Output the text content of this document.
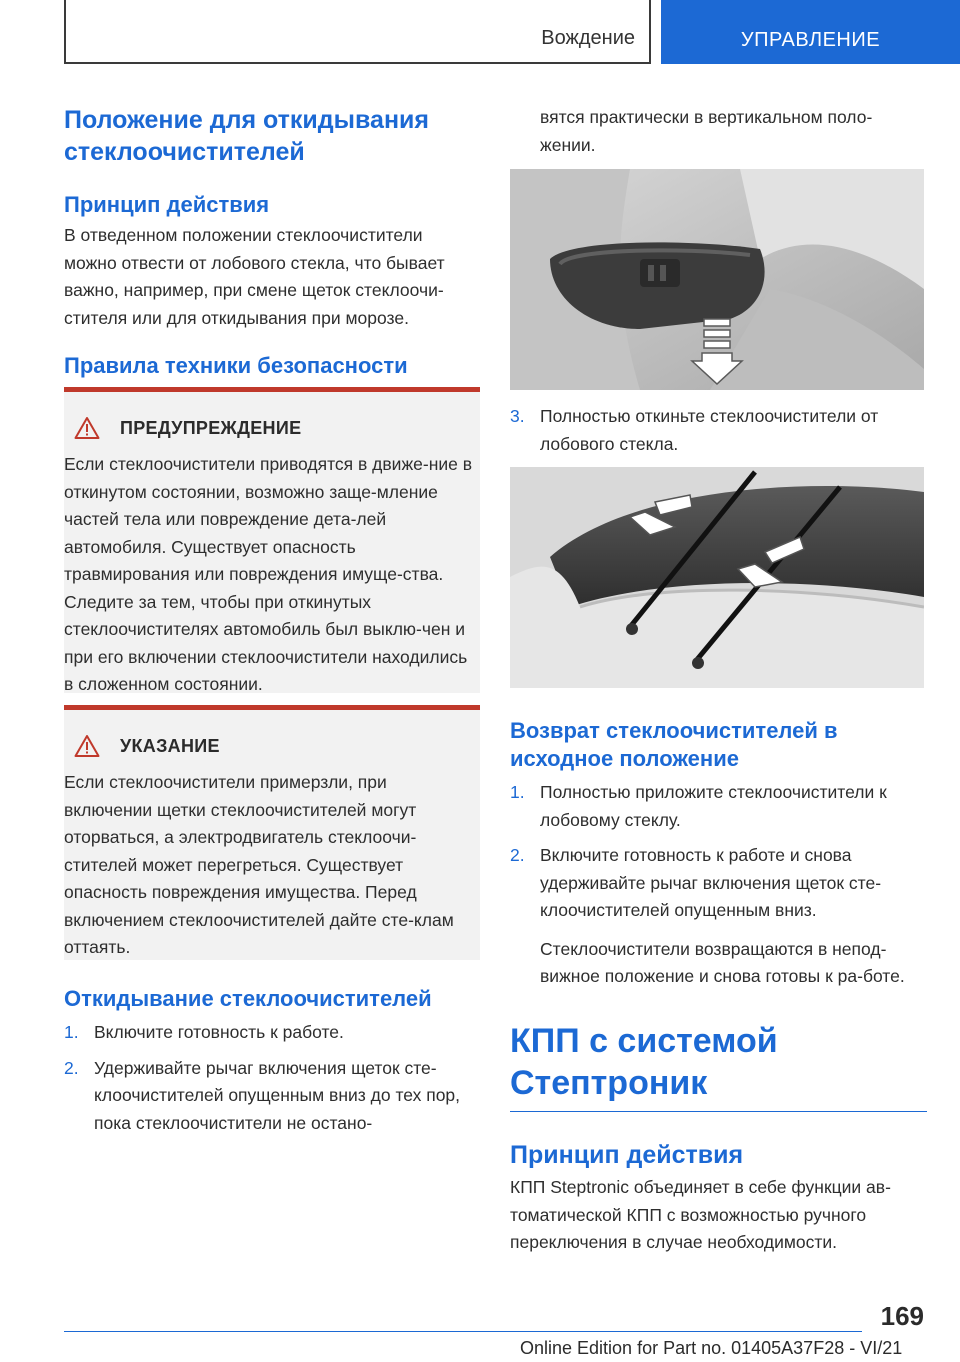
Вождение	УПРАВЛЕНИЕ
Положение для откидывания стеклоочистителей
Принцип действия

В отведенном положении стеклоочистители можно отвести от лобового стекла, что бывает важно, например, при смене щеток стеклоочи-стителя или для откидывания при морозе.

Правила техники безопасности
ПРЕДУПРЕЖДЕНИЕ

Если стеклоочистители приводятся в движе-ние в откинутом состоянии, возможно заще-мление частей тела или повреждение дета-лей автомобиля. Существует опасность травмирования или повреждения имуще-ства. Следите за тем, чтобы при откинутых стеклоочистителях автомобиль был выклю-чен и при его включении стеклоочистители находились в сложенном состоянии.

УКАЗАНИЕ

Если стеклоочистители примерзли, при включении щетки стеклоочистителей могут оторваться, а электродвигатель стеклоочи-стителей может перегреться. Существует опасность повреждения имущества. Перед включением стеклоочистителей дайте сте-клам оттаять.

Откидывание стеклоочистителей
1. Включите готовность к работе.
2. Удерживайте рычаг включения щеток сте-клоочистителей опущенным вниз до тех пор, пока стеклоочистители не остано-

вятся практически в вертикальном поло-жении.

3. Полностью откиньте стеклоочистители от лобового стекла.
Возврат стеклоочистителей в исходное положение
1. Полностью приложите стеклоочистители к лобовому стеклу.
2. Включите готовность к работе и снова удерживайте рычаг включения щеток сте-клоочистителей опущенным вниз.
Стеклоочистители возвращаются в непод-вижное положение и снова готовы к ра-боте.
КПП с системой Стептроник
Принцип действия

КПП Steptronic объединяет в себе функции ав-томатической КПП с возможностью ручного переключения в случае необходимости.

169
Online Edition for Part no. 01405A37F28 - VI/21
